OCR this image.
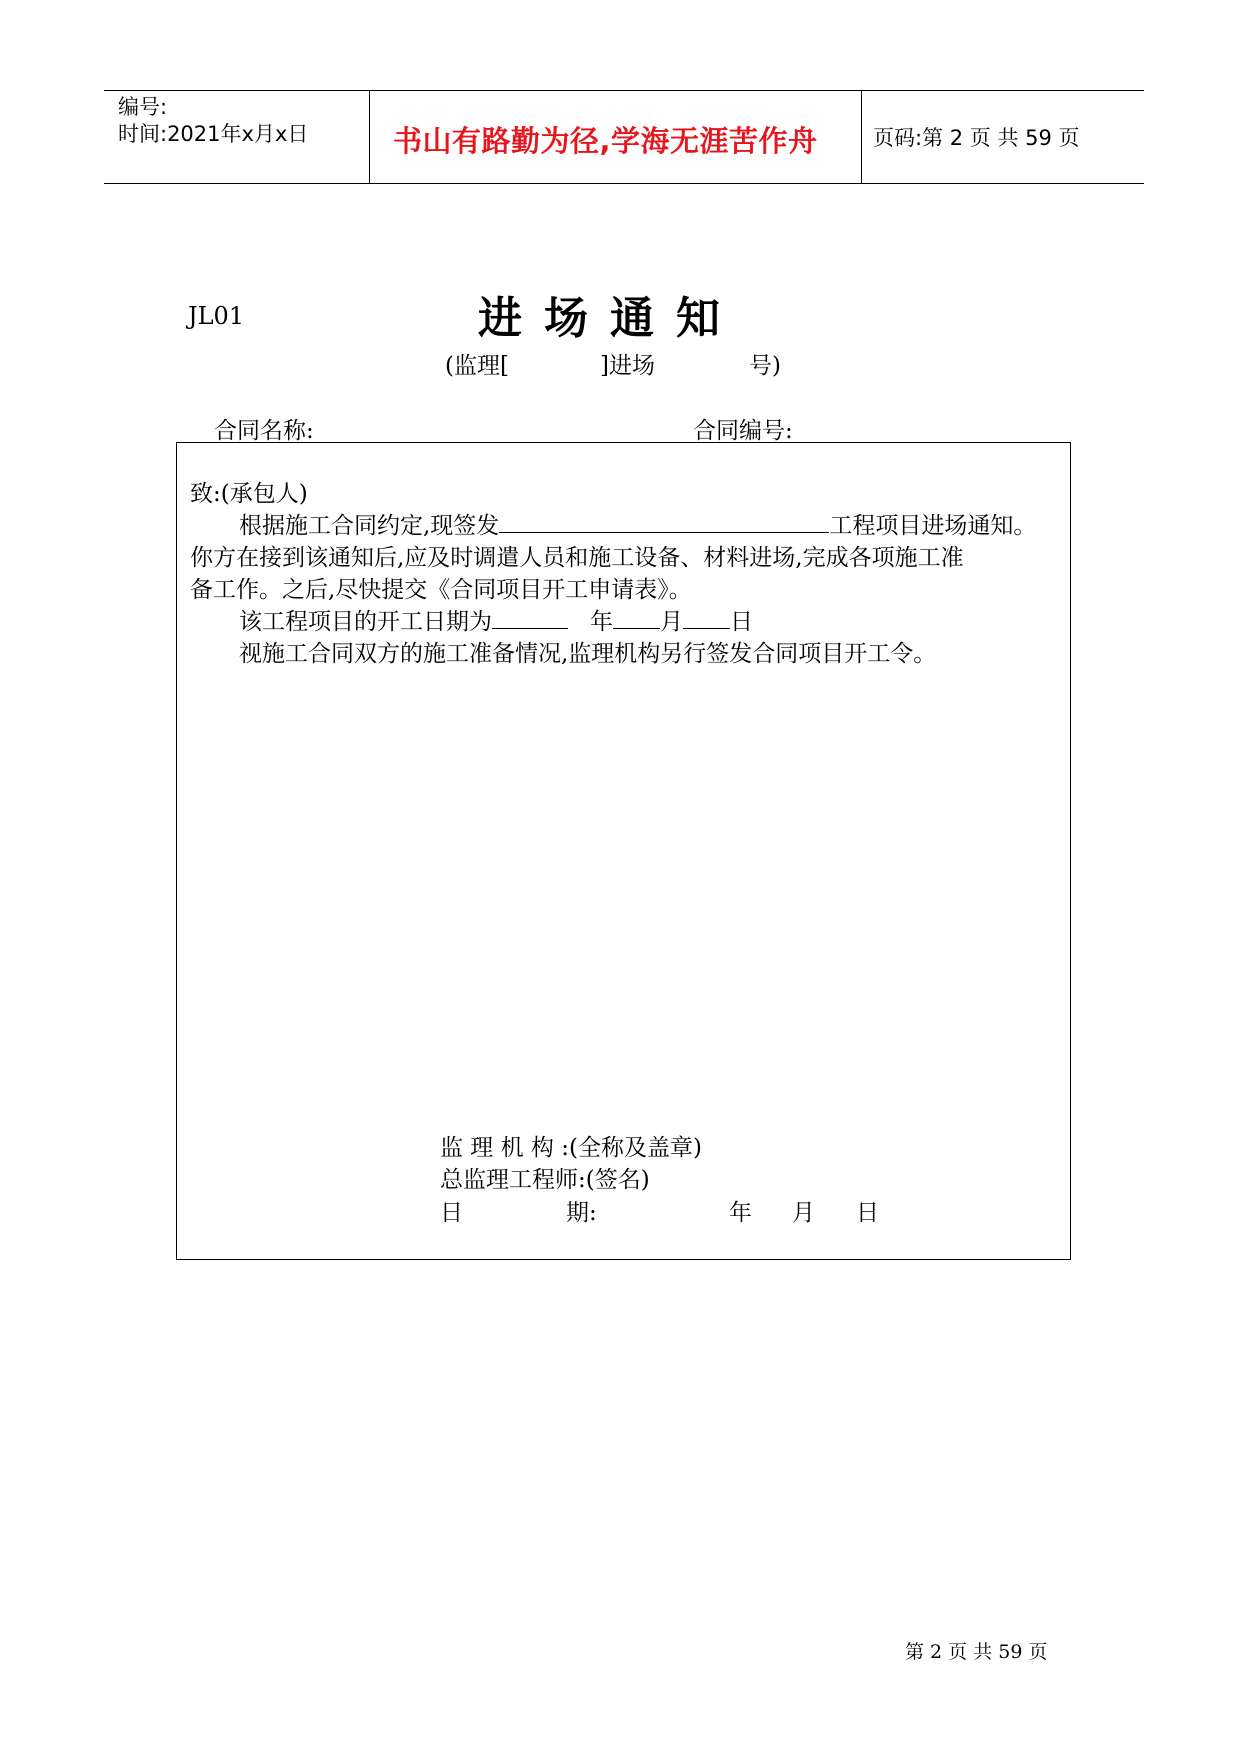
编号:
时间:2021年x月x日	书山有路勤为径,学海无涯苦作舟	页码:第 2 页 共 59 页
JL01	进场通知
(监理[	]进场	号)
合同名称:	合同编号:
致:(承包人)
根据施工合同约定,现签发	工程项目进场通知。
你方在接到该通知后,应及时调遣人员和施工设备、材料进场,完成各项施工准
备工作。之后,尽快提交《合同项目开工申请表》。
该工程项目的开工日期为	年 月 日
视施工合同双方的施工准备情况,监理机构另行签发合同项目开工令。
监 理 机 构 :(全称及盖章)
总监理工程师:(签名)
日	期:	年 月 日
第 2 页 共 59 页
